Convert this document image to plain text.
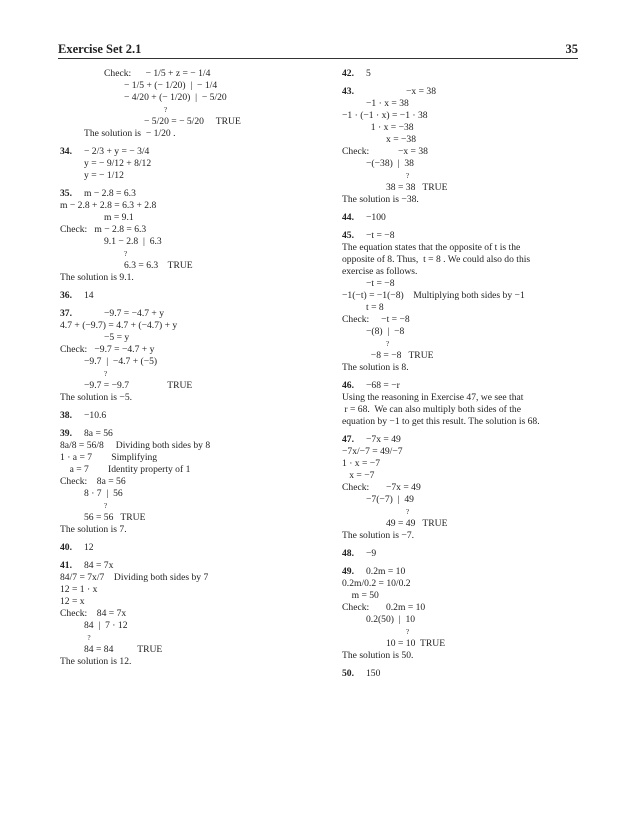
Exercise Set 2.1	35
Check:      − 1/5 + z = − 1/4
− 1/5 + (− 1/20)  |  − 1/4
− 4/20 + (− 1/20)  |  − 5/20
?
− 5/20 = − 5/20     TRUE
The solution is  − 1/20 .
34. − 2/3 + y = − 3/4
y = − 9/12 + 8/12
y = − 1/12
35. m − 2.8 = 6.3
m − 2.8 + 2.8 = 6.3 + 2.8
m = 9.1
Check:   m − 2.8 = 6.3
9.1 − 2.8  |  6.3
?
6.3 = 6.3    TRUE
The solution is 9.1.
36. 14
37.	−9.7 = −4.7 + y
4.7 + (−9.7) = 4.7 + (−4.7) + y
−5 = y
Check:   −9.7 = −4.7 + y
−9.7  |  −4.7 + (−5)
?
−9.7 = −9.7                TRUE
The solution is −5.
38. −10.6
39. 8a = 56
8a/8 = 56/8     Dividing both sides by 8
1 · a = 7        Simplifying
a = 7        Identity property of 1
Check:    8a = 56
8 · 7  |  56
?
56 = 56   TRUE
The solution is 7.
40. 12
41. 84 = 7x
84/7 = 7x/7    Dividing both sides by 7
12 = 1 · x
12 = x
Check:    84 = 7x
84  |  7 · 12
?
84 = 84          TRUE
The solution is 12.
42. 5
43.	−x = 38
−1 · x = 38
−1 · (−1 · x) = −1 · 38
1 · x = −38
x = −38
Check:            −x = 38
−(−38)  |  38
?
38 = 38   TRUE
The solution is −38.
44. −100
45. −t = −8
The equation states that the opposite of t is the
opposite of 8. Thus,  t = 8 . We could also do this
exercise as follows.
−t = −8
−1(−t) = −1(−8)    Multiplying both sides by −1
t = 8
Check:     −t = −8
−(8)  |  −8
?
−8 = −8   TRUE
The solution is 8.
46. −68 = −r
Using the reasoning in Exercise 47, we see that
r = 68.  We can also multiply both sides of the
equation by −1 to get this result. The solution is 68.
47. −7x = 49
−7x/−7 = 49/−7
1 · x = −7
x = −7
Check:       −7x = 49
−7(−7)  |  49
?
49 = 49   TRUE
The solution is −7.
48. −9
49. 0.2m = 10
0.2m/0.2 = 10/0.2
m = 50
Check:       0.2m = 10
0.2(50)  |  10
?
10 = 10  TRUE
The solution is 50.
50. 150
